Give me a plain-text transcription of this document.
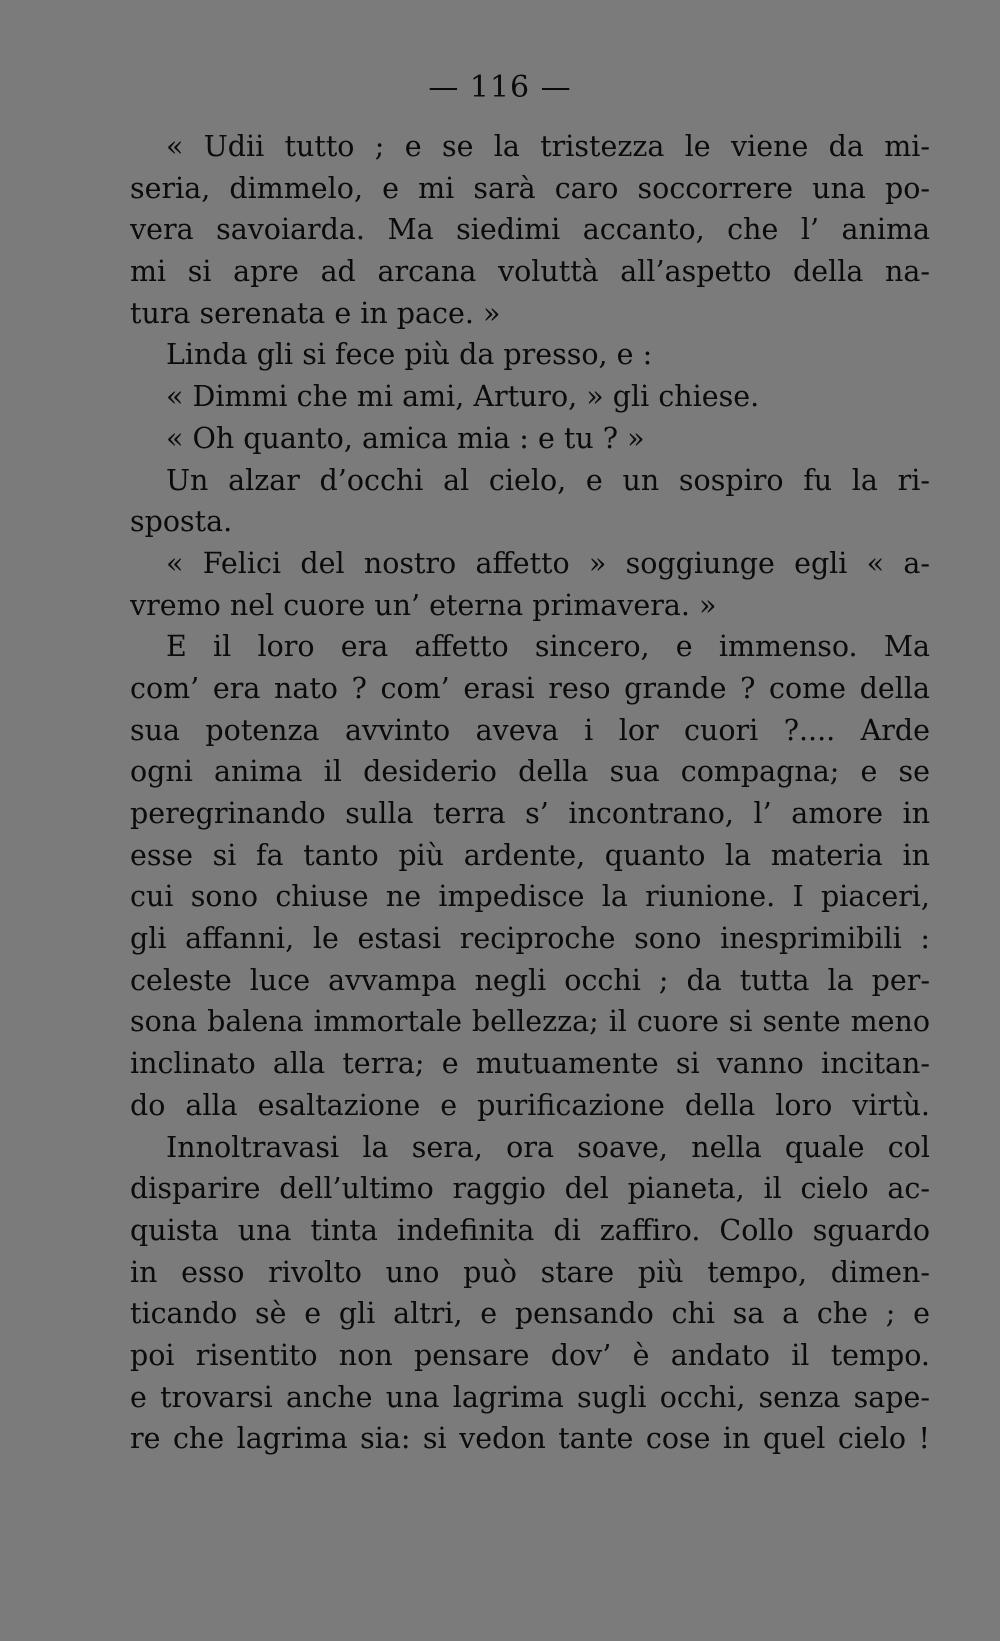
— 116 —
« Udii tutto ; e se la tristezza le viene da mi-
seria, dimmelo, e mi sarà caro soccorrere una po-
vera savoiarda. Ma siedimi accanto, che l’ anima
mi si apre ad arcana voluttà all’aspetto della na-
tura serenata e in pace. »
Linda gli si fece più da presso, e :
« Dimmi che mi ami, Arturo, » gli chiese.
« Oh quanto, amica mia : e tu ? »
Un alzar d’occhi al cielo, e un sospiro fu la ri-
sposta.
« Felici del nostro affetto » soggiunge egli « a-
vremo nel cuore un’ eterna primavera. »
E il loro era affetto sincero, e immenso. Ma
com’ era nato ? com’ erasi reso grande ? come della
sua potenza avvinto aveva i lor cuori ?.... Arde
ogni anima il desiderio della sua compagna; e se
peregrinando sulla terra s’ incontrano, l’ amore in
esse si fa tanto più ardente, quanto la materia in
cui sono chiuse ne impedisce la riunione. I piaceri,
gli affanni, le estasi reciproche sono inesprimibili :
celeste luce avvampa negli occhi ; da tutta la per-
sona balena immortale bellezza; il cuore si sente meno
inclinato alla terra; e mutuamente si vanno incitan-
do alla esaltazione e purificazione della loro virtù.
Innoltravasi la sera, ora soave, nella quale col
disparire dell’ultimo raggio del pianeta, il cielo ac-
quista una tinta indefinita di zaffiro. Collo sguardo
in esso rivolto uno può stare più tempo, dimen-
ticando sè e gli altri, e pensando chi sa a che ; e
poi risentito non pensare dov’ è andato il tempo.
e trovarsi anche una lagrima sugli occhi, senza sape-
re che lagrima sia: si vedon tante cose in quel cielo !
